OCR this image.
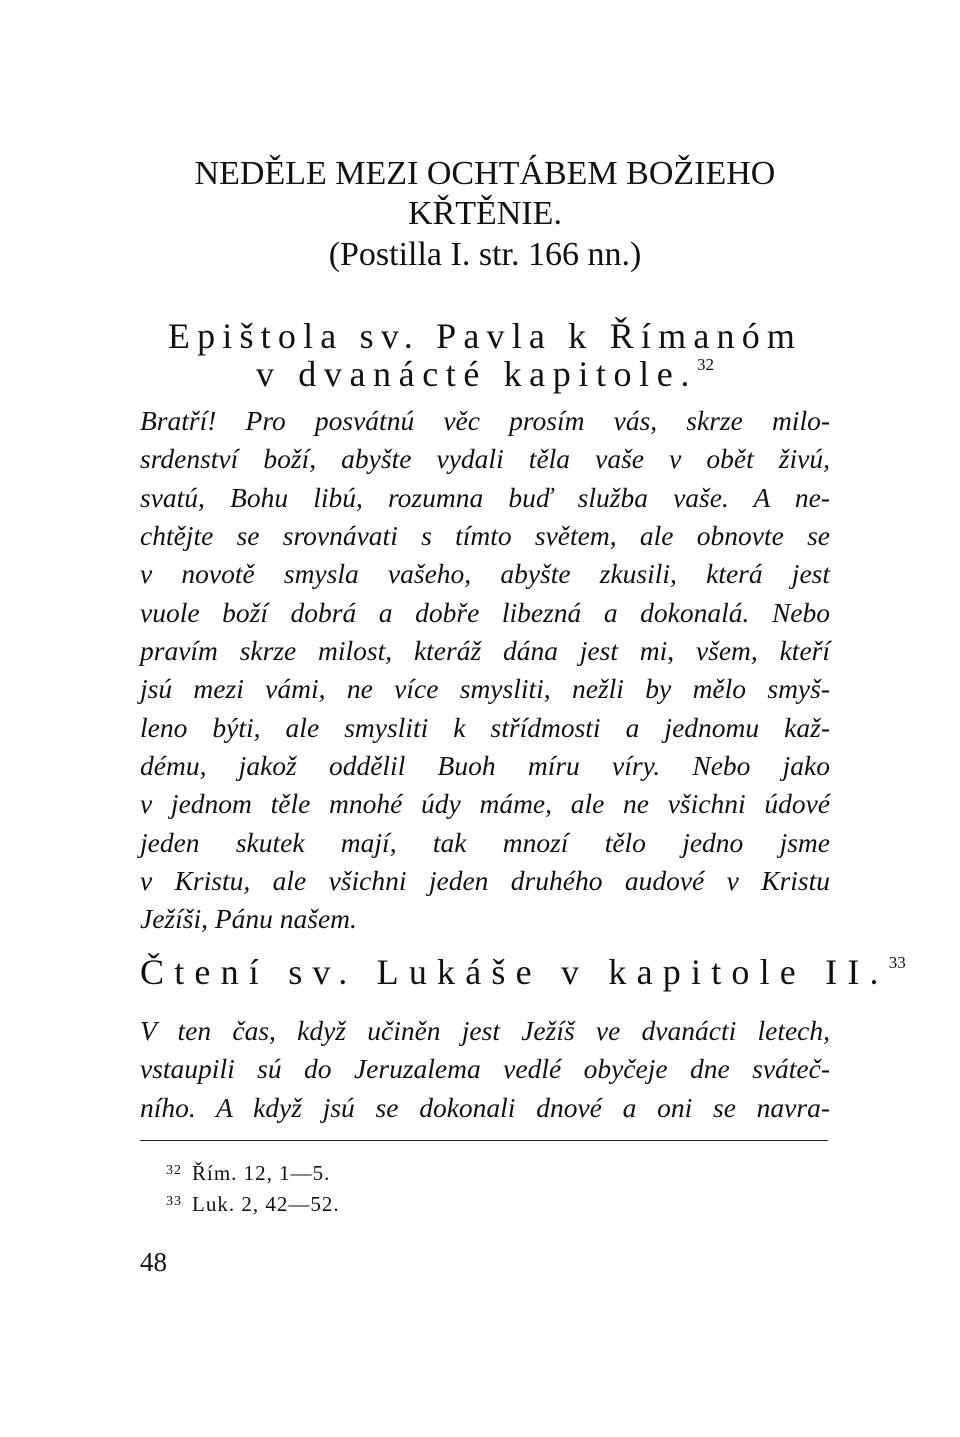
NEDĚLE MEZI OCHTÁBEM BOŽIEHO
KŘTĚNIE.
(Postilla I. str. 166 nn.)
Epištola sv. Pavla k Římanóm
v dvanácté kapitole.$^{32}$
Bratří! Pro posvátnú věc prosím vás, skrze milo-
srdenství boží, abyšte vydali těla vaše v obět živú,
svatú, Bohu libú, rozumna buď služba vaše. A ne-
chtějte se srovnávati s tímto světem, ale obnovte se
v novotě smysla vašeho, abyšte zkusili, která jest
vuole boží dobrá a dobře libezná a dokonalá. Nebo
pravím skrze milost, kteráž dána jest mi, všem, kteří
jsú mezi vámi, ne více smysliti, nežli by mělo smyš-
leno býti, ale smysliti k střídmosti a jednomu kaž-
dému, jakož oddělil Buoh míru víry. Nebo jako
v jednom těle mnohé údy máme, ale ne všichni údové
jeden skutek mají, tak mnozí tělo jedno jsme
v Kristu, ale všichni jeden druhého audové v Kristu
Ježíši, Pánu našem.
Čtení sv. Lukáše v kapitole II.$^{33}$
V ten čas, když učiněn jest Ježíš ve dvanácti letech,
vstaupili sú do Jeruzalema vedlé obyčeje dne sváteč-
ního. A když jsú se dokonali dnové a oni se navra-
$^{32}$ Řím. 12, 1—5.
$^{33}$ Luk. 2, 42—52.
48
